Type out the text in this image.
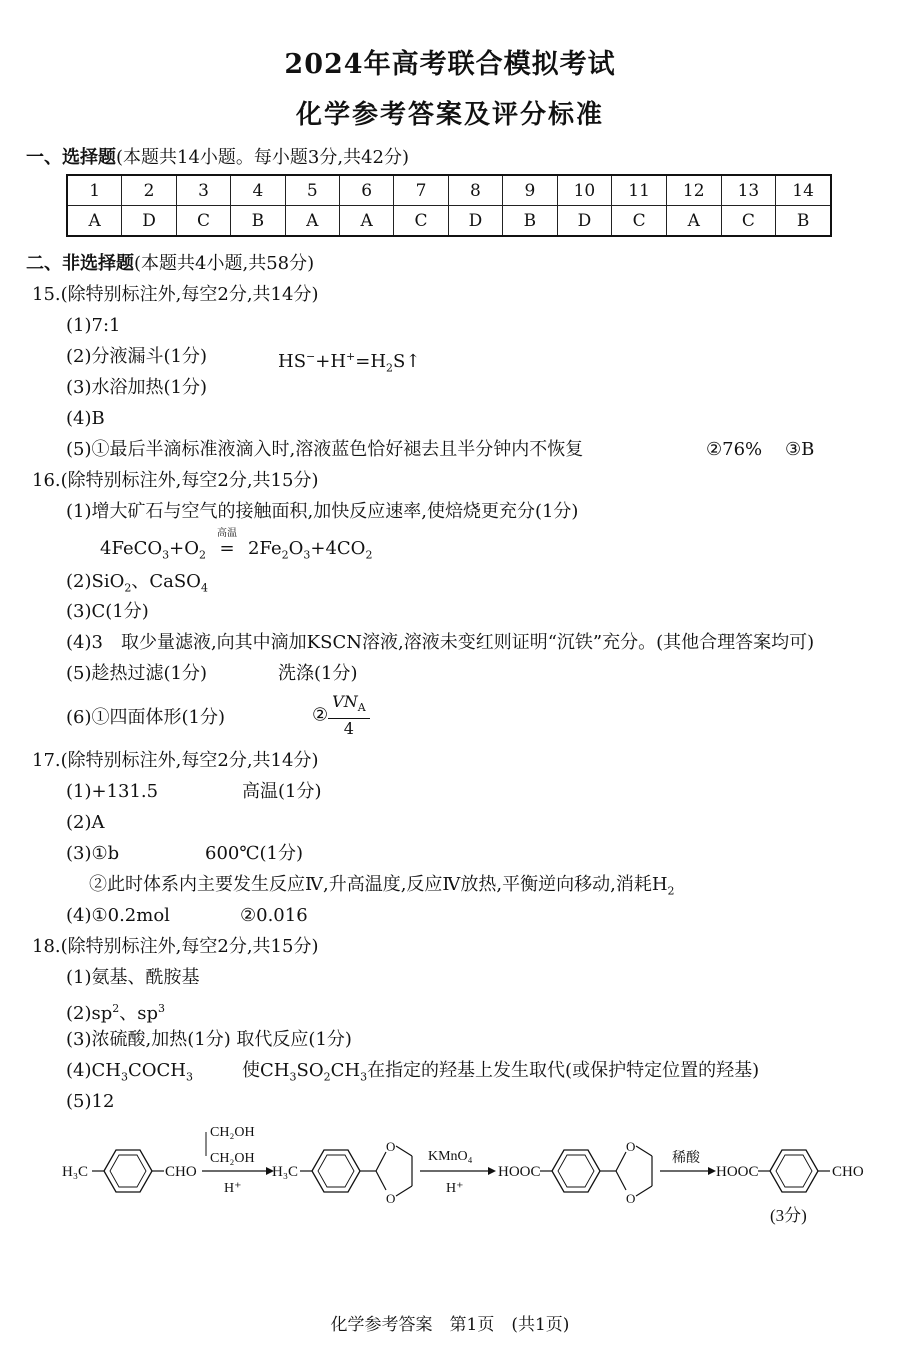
2024年高考联合模拟考试
化学参考答案及评分标准
一、选择题(本题共14小题。每小题3分,共42分)
1	2	3	4	5	6	7	8	9	10	11	12	13	14
A	D	C	B	A	A	C	D	B	D	C	A	C	B
二、非选择题(本题共4小题,共58分)
15.(除特别标注外,每空2分,共14分)
(1)7:1
(2)分液漏斗(1分)	$HS^-+H^+=H_2S↑$
(3)水浴加热(1分)
(4)B
(5)①最后半滴标准液滴入时,溶液蓝色恰好褪去且半分钟内不恢复	②76% ③B
16.(除特别标注外,每空2分,共15分)
(1)增大矿石与空气的接触面积,加快反应速率,使焙烧更充分(1分)
$4FeCO_3+O_2$
高温
= $2Fe_2O_3+4CO_2$
(2)SiO$_2$、CaSO$_4$
(3)C(1分)
(4)3　取少量滤液,向其中滴加KSCN溶液,溶液未变红则证明“沉铁”充分。(其他合理答案均可)
(5)趁热过滤(1分)	洗涤(1分)
(6)①四面体形(1分)	② $\frac{VN_A}{4}$
17.(除特别标注外,每空2分,共14分)
(1)+131.5	高温(1分)
(2)A
(3)①b	600℃(1分)
②此时体系内主要发生反应Ⅳ,升高温度,反应Ⅳ放热,平衡逆向移动,消耗$H_2$
(4)①0.2mol	②0.016
18.(除特别标注外,每空2分,共15分)
(1)氨基、酰胺基
$(2)sp^2$、$sp^3$
(3)浓硫酸,加热(1分) 取代反应(1分)
$(4)CH_3COCH_3$	使$CH_3SO_2CH_3$在指定的羟基上发生取代(或保护特定位置的羟基)
(5)12
H₃C	CHO
CH₂OH
CH₂OH
H⁺
H₃C
O
O
KMnO₄
H⁺
HOOC
O
O
稀酸
HOOC	CHO
(3分)
化学参考答案　第1页　(共1页)
